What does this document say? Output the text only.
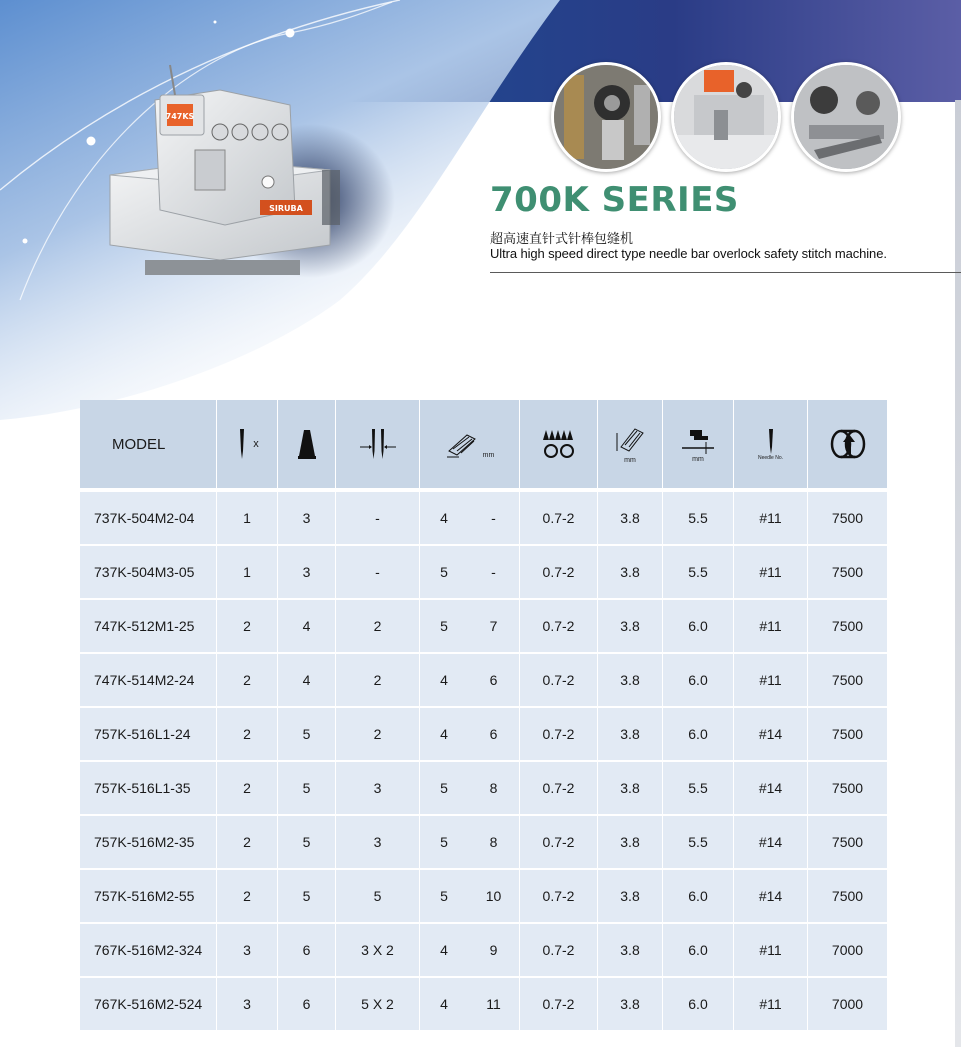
747KS
SIRUBA	700K SERIES
超高速直针式针棒包缝机
Ultra high speed direct type needle bar overlock safety stitch machine.
MODEL	x			mm			mm	mm	Needle No.

737K-504M2-04	1	3	-	4	-	0.7-2	3.8	5.5	#11	7500
737K-504M3-05	1	3	-	5	-	0.7-2	3.8	5.5	#11	7500
747K-512M1-25	2	4	2	5	7	0.7-2	3.8	6.0	#11	7500
747K-514M2-24	2	4	2	4	6	0.7-2	3.8	6.0	#11	7500
757K-516L1-24	2	5	2	4	6	0.7-2	3.8	6.0	#14	7500
757K-516L1-35	2	5	3	5	8	0.7-2	3.8	5.5	#14	7500
757K-516M2-35	2	5	3	5	8	0.7-2	3.8	5.5	#14	7500
757K-516M2-55	2	5	5	5	10	0.7-2	3.8	6.0	#14	7500
767K-516M2-324	3	6	3 X 2	4	9	0.7-2	3.8	6.0	#11	7000
767K-516M2-524	3	6	5 X 2	4	11	0.7-2	3.8	6.0	#11	7000
